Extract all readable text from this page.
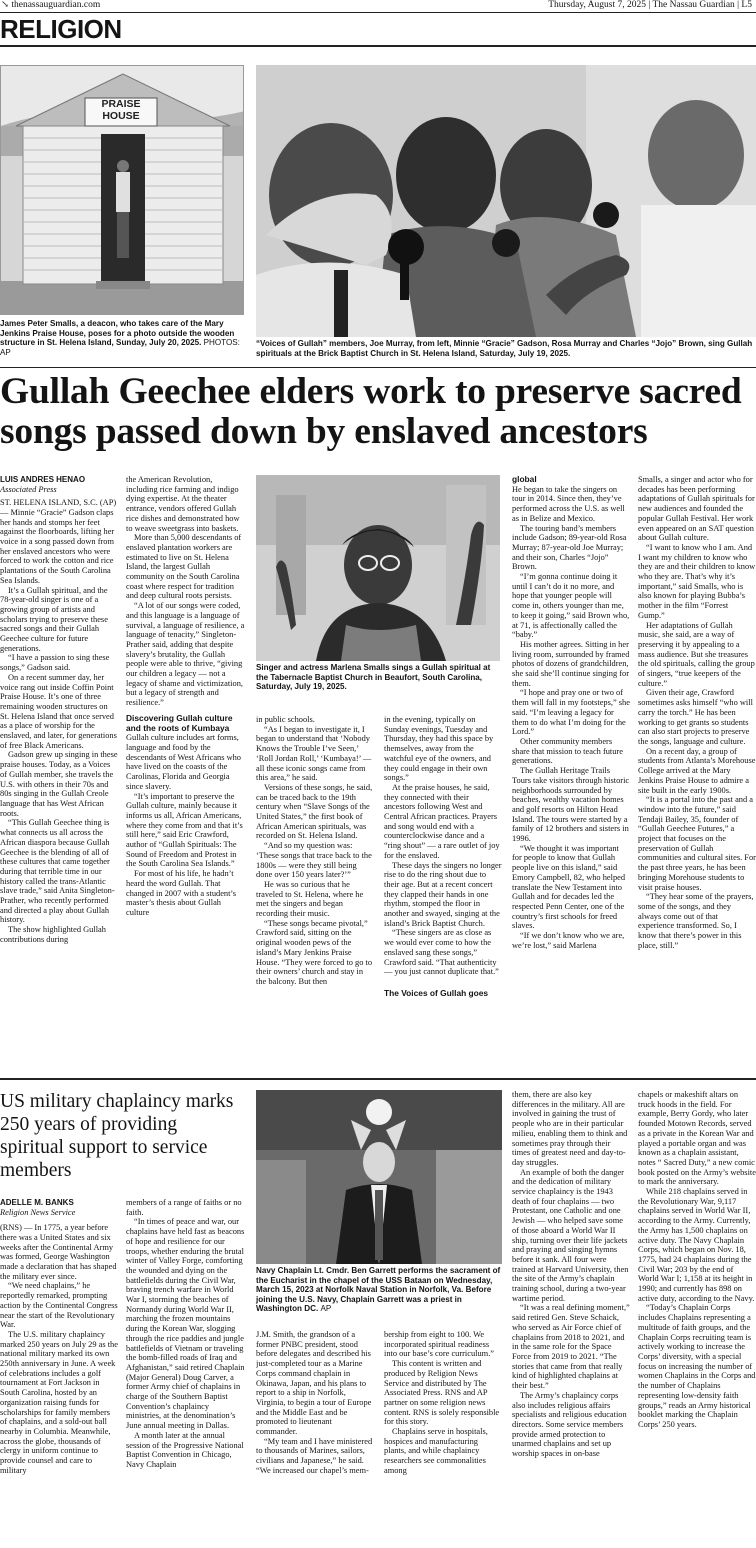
↘ thenassauguardian.com	Thursday, August 7, 2025 | The Nassau Guardian | L5
RELIGION
PRAISE
HOUSE
James Peter Smalls, a deacon, who takes care of the Mary Jenkins Praise House, poses for a photo outside the wooden structure in St. Helena Island, Sunday, July 20, 2025. PHOTOS: AP
“Voices of Gullah” members, Joe Murray, from left, Minnie “Gracie” Gadson, Rosa Murray and Charles “Jojo” Brown, sing Gullah spirituals at the Brick Baptist Church in St. Helena Island, Saturday, July 19, 2025.
Gullah Geechee elders work to preserve sacred songs passed down by enslaved ancestors
LUIS ANDRES HENAO
Associated Press

ST. HELENA ISLAND, S.C. (AP) — Minnie “Gracie” Gadson claps her hands and stomps her feet against the floorboards, lifting her voice in a song passed down from her enslaved ancestors who were forced to work the cotton and rice plantations of the South Carolina Sea Islands.

It’s a Gullah spiritual, and the 78-year-old singer is one of a growing group of artists and scholars trying to preserve these sacred songs and their Gullah Geechee culture for future generations.

“I have a passion to sing these songs,” Gadson said.

On a recent summer day, her voice rang out inside Coffin Point Praise House. It’s one of three remaining wooden structures on St. Helena Island that once served as a place of worship for the enslaved, and later, for generations of free Black Americans.

Gadson grew up singing in these praise houses. Today, as a Voices of Gullah member, she travels the U.S. with others in their 70s and 80s singing in the Gullah Creole language that has West African roots.

“This Gullah Geechee thing is what connects us all across the African diaspora because Gullah Geechee is the blending of all of these cultures that came together during that terrible time in our history called the trans-Atlantic slave trade,” said Anita Singleton-Prather, who recently performed and directed a play about Gullah history.

The show highlighted Gullah contributions during

the American Revolution, including rice farming and indigo dying expertise. At the theater entrance, vendors offered Gullah rice dishes and demonstrated how to weave sweetgrass into baskets.

More than 5,000 descendants of enslaved plantation workers are estimated to live on St. Helena Island, the largest Gullah community on the South Carolina coast where respect for tradition and deep cultural roots persists.

“A lot of our songs were coded, and this language is a language of survival, a language of resilience, a language of tenacity,” Singleton-Prather said, adding that despite slavery’s brutality, the Gullah people were able to thrive, “giving our children a legacy — not a legacy of shame and victimization, but a legacy of strength and resilience.”

Discovering Gullah culture and the roots of Kumbaya

Gullah culture includes art forms, language and food by the descendants of West Africans who have lived on the coasts of the Carolinas, Florida and Georgia since slavery.

“It’s important to preserve the Gullah culture, mainly because it informs us all, African Americans, where they come from and that it’s still here,” said Eric Crawford, author of “Gullah Spirituals: The Sound of Freedom and Protest in the South Carolina Sea Islands.”

For most of his life, he hadn’t heard the word Gullah. That changed in 2007 with a student’s master’s thesis about Gullah culture

Singer and actress Marlena Smalls sings a Gullah spiritual at the Tabernacle Baptist Church in Beaufort, South Carolina, Saturday, July 19, 2025.

in public schools.

“As I began to investigate it, I began to understand that ‘Nobody Knows the Trouble I’ve Seen,’ ‘Roll Jordan Roll,’ ‘Kumbaya!’ — all these iconic songs came from this area,” he said.

Versions of these songs, he said, can be traced back to the 19th century when “Slave Songs of the United States,” the first book of African American spirituals, was recorded on St. Helena Island.

“And so my question was: ‘These songs that trace back to the 1800s — were they still being done over 150 years later?’”

He was so curious that he traveled to St. Helena, where he met the singers and began recording their music.

“These songs became pivotal,” Crawford said, sitting on the original wooden pews of the island’s Mary Jenkins Praise House. “They were forced to go to their owners’ church and stay in the balcony. But then

in the evening, typically on Sunday evenings, Tuesday and Thursday, they had this space by themselves, away from the watchful eye of the owners, and they could engage in their own songs.”

At the praise houses, he said, they connected with their ancestors following West and Central African practices. Prayers and song would end with a counterclockwise dance and a “ring shout” — a rare outlet of joy for the enslaved.

These days the singers no longer rise to do the ring shout due to their age. But at a recent concert they clapped their hands in one rhythm, stomped the floor in another and swayed, singing at the island’s Brick Baptist Church.

“These singers are as close as we would ever come to how the enslaved sang these songs,” Crawford said. “That authenticity — you just cannot duplicate that.”

The Voices of Gullah goes
global

He began to take the singers on tour in 2014. Since then, they’ve performed across the U.S. as well as in Belize and Mexico.

The touring band’s members include Gadson; 89-year-old Rosa Murray; 87-year-old Joe Murray; and their son, Charles “Jojo” Brown.

“I’m gonna continue doing it until I can’t do it no more, and hope that younger people will come in, others younger than me, to keep it going,” said Brown who, at 71, is affectionally called the “baby.”

His mother agrees. Sitting in her living room, surrounded by framed photos of dozens of grandchildren, she said she’ll continue singing for them.

“I hope and pray one or two of them will fall in my footsteps,” she said. “I’m leaving a legacy for them to do what I’m doing for the Lord.”

Other community members share that mission to teach future generations.

The Gullah Heritage Trails Tours take visitors through historic neighborhoods surrounded by beaches, wealthy vacation homes and golf resorts on Hilton Head Island. The tours were started by a family of 12 brothers and sisters in 1996.

“We thought it was important for people to know that Gullah people live on this island,” said Emory Campbell, 82, who helped translate the New Testament into Gullah and for decades led the respected Penn Center, one of the country’s first schools for freed slaves.

“If we don’t know who we are, we’re lost,” said Marlena

Smalls, a singer and actor who for decades has been performing adaptations of Gullah spirituals for new audiences and founded the popular Gullah Festival. Her work even appeared on an SAT question about Gullah culture.

“I want to know who I am. And I want my children to know who they are and their children to know who they are. That’s why it’s important,” said Smalls, who is also known for playing Bubba’s mother in the film “Forrest Gump.”

Her adaptations of Gullah music, she said, are a way of preserving it by appealing to a mass audience. But she treasures the old spirituals, calling the group of singers, “true keepers of the culture.”

Given their age, Crawford sometimes asks himself “who will carry the torch.” He has been working to get grants so students can also start projects to preserve the songs, language and culture.

On a recent day, a group of students from Atlanta’s Morehouse College arrived at the Mary Jenkins Praise House to admire a site built in the early 1900s.

“It is a portal into the past and a window into the future,” said Tendaji Bailey, 35, founder of “Gullah Geechee Futures,” a project that focuses on the preservation of Gullah communities and cultural sites. For the past three years, he has been bringing Morehouse students to visit praise houses.

“They hear some of the prayers, some of the songs, and they always come out of that experience transformed. So, I know that there’s power in this place, still.”

US military chaplaincy marks 250 years of providing spiritual support to service members
ADELLE M. BANKS
Religion News Service

(RNS) — In 1775, a year before there was a United States and six weeks after the Continental Army was formed, George Washington made a declaration that has shaped the military ever since.

“We need chaplains,” he reportedly remarked, prompting action by the Continental Congress near the start of the Revolutionary War.

The U.S. military chaplaincy marked 250 years on July 29 as the national military marked its own 250th anniversary in June. A week of celebrations includes a golf tournament at Fort Jackson in South Carolina, hosted by an organization raising funds for scholarships for family members of chaplains, and a sold-out ball nearby in Columbia. Meanwhile, across the globe, thousands of clergy in uniform continue to provide counsel and care to military

members of a range of faiths or no faith.

“In times of peace and war, our chaplains have held fast as beacons of hope and resilience for our troops, whether enduring the brutal winter of Valley Forge, comforting the wounded and dying on the battlefields during the Civil War, braving trench warfare in World War I, storming the beaches of Normandy during World War II, marching the frozen mountains during the Korean War, slogging through the rice paddies and jungle battlefields of Vietnam or traveling the bomb-filled roads of Iraq and Afghanistan,” said retired Chaplain (Major General) Doug Carver, a former Army chief of chaplains in charge of the Southern Baptist Convention’s chaplaincy ministries, at the denomination’s June annual meeting in Dallas.

A month later at the annual session of the Progressive National Baptist Convention in Chicago, Navy Chaplain

Navy Chaplain Lt. Cmdr. Ben Garrett performs the sacrament of the Eucharist in the chapel of the USS Bataan on Wednesday, March 15, 2023 at Norfolk Naval Station in Norfolk, Va. Before joining the U.S. Navy, Chaplain Garrett was a priest in Washington DC. AP

J.M. Smith, the grandson of a former PNBC president, stood before delegates and described his just-completed tour as a Marine Corps command chaplain in Okinawa, Japan, and his plans to report to a ship in Norfolk, Virginia, to begin a tour of Europe and the Middle East and be promoted to lieutenant commander.

“My team and I have ministered to thousands of Marines, sailors, civilians and Japanese,” he said. “We increased our chapel’s mem-

bership from eight to 100. We incorporated spiritual readiness into our base’s core curriculum.”

This content is written and produced by Religion News Service and distributed by The Associated Press. RNS and AP partner on some religion news content. RNS is solely responsible for this story.

Chaplains serve in hospitals, hospices and manufacturing plants, and while chaplaincy researchers see commonalities among

them, there are also key differences in the military. All are involved in gaining the trust of people who are in their particular milieu, enabling them to think and sometimes pray through their times of greatest need and day-to-day struggles.

An example of both the danger and the dedication of military service chaplaincy is the 1943 death of four chaplains — two Protestant, one Catholic and one Jewish — who helped save some of those aboard a World War II ship, turning over their life jackets and praying and singing hymns before it sank. All four were trained at Harvard University, then the site of the Army’s chaplain training school, during a two-year wartime period.

“It was a real defining moment,” said retired Gen. Steve Schaick, who served as Air Force chief of chaplains from 2018 to 2021, and in the same role for the Space Force from 2019 to 2021. “The stories that came from that really kind of highlighted chaplains at their best.”

The Army’s chaplaincy corps also includes religious affairs specialists and religious education directors. Some service members provide armed protection to unarmed chaplains and set up worship spaces in on-base

chapels or makeshift altars on truck hoods in the field. For example, Berry Gordy, who later founded Motown Records, served as a private in the Korean War and played a portable organ and was known as a chaplain assistant, notes “ Sacred Duty,” a new comic book posted on the Army’s website to mark the anniversary.

While 218 chaplains served in the Revolutionary War, 9,117 chaplains served in World War II, according to the Army. Currently, the Army has 1,500 chaplains on active duty. The Navy Chaplain Corps, which began on Nov. 18, 1775, had 24 chaplains during the Civil War; 203 by the end of World War I; 1,158 at its height in 1990; and currently has 898 on active duty, according to the Navy.

“Today’s Chaplain Corps includes Chaplains representing a multitude of faith groups, and the Chaplain Corps recruiting team is actively working to increase the Corps’ diversity, with a special focus on increasing the number of women Chaplains in the Corps and the number of Chaplains representing low-density faith groups,” reads an Army historical booklet marking the Chaplain Corps’ 250 years.
